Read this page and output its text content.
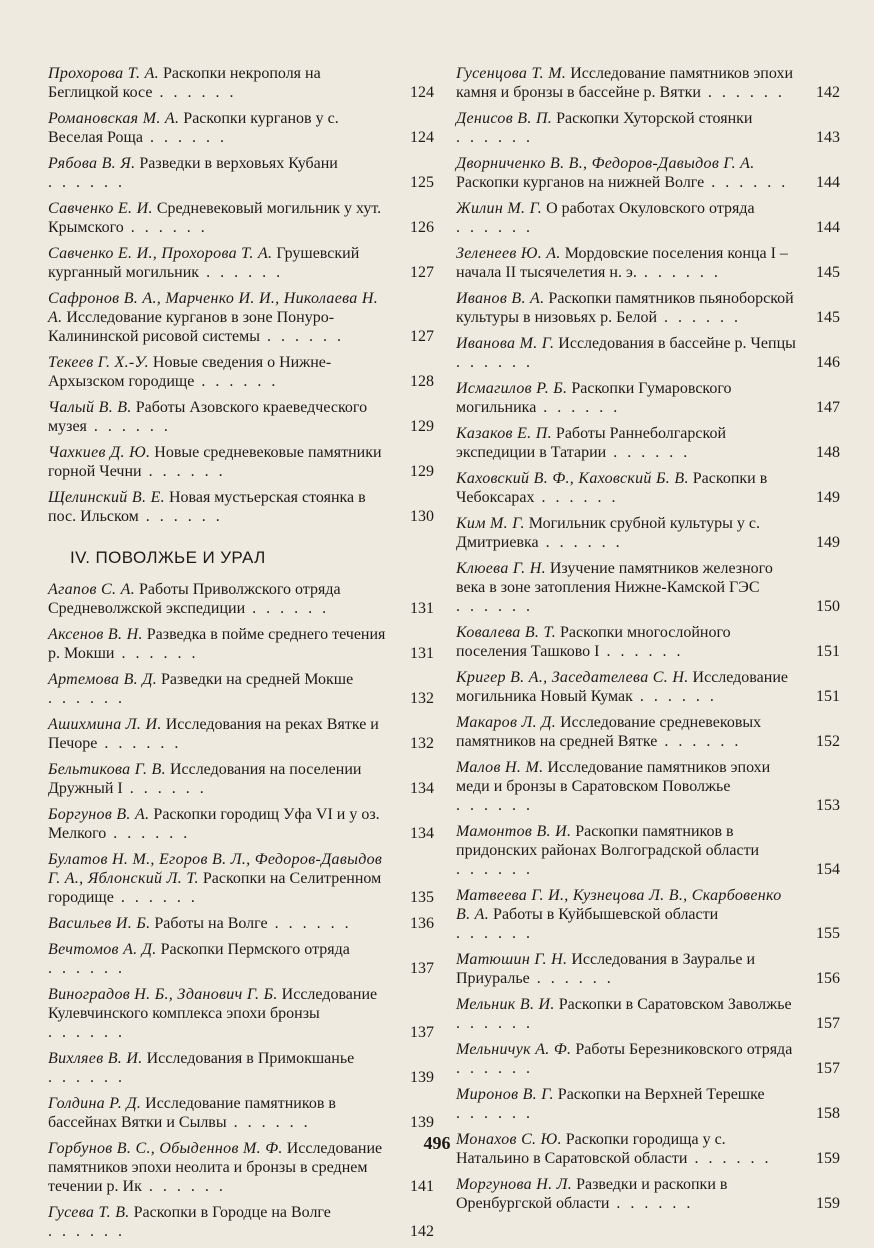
Прохорова Т. А. Раскопки некрополя на Беглицкой косе . . . . . .	124
Романовская М. А. Раскопки курганов у с. Веселая Роща . . . . . .	124
Рябова В. Я. Разведки в верховьях Кубани . . . . . .	125
Савченко Е. И. Средневековый могильник у хут. Крымского . . . . . .	126
Савченко Е. И., Прохорова Т. А. Грушевский курганный могильник . . . . . .	127
Сафронов В. А., Марченко И. И., Николаева Н. А. Исследование курганов в зоне Понуро-Калининской рисовой системы . . . . . .	127
Текеев Г. Х.-У. Новые сведения о Нижне-Архызском городище . . . . . .	128
Чалый В. В. Работы Азовского краеведческого музея . . . . . .	129
Чахкиев Д. Ю. Новые средневековые памятники горной Чечни . . . . . .	129
Щелинский В. Е. Новая мустьерская стоянка в пос. Ильском . . . . . .	130
IV. ПОВОЛЖЬЕ И УРАЛ
Агапов С. А. Работы Приволжского отряда Средневолжской экспедиции . . . . . .	131
Аксенов В. Н. Разведка в пойме среднего течения р. Мокши . . . . . .	131
Артемова В. Д. Разведки на средней Мокше . . . . . .	132
Ашихмина Л. И. Исследования на реках Вятке и Печоре . . . . . .	132
Бельтикова Г. В. Исследования на поселении Дружный I . . . . . .	134
Боргунов В. А. Раскопки городищ Уфа VI и у оз. Мелкого . . . . . .	134
Булатов Н. М., Егоров В. Л., Федоров-Давыдов Г. А., Яблонский Л. Т. Раскопки на Селитренном городище . . . . . .	135
Васильев И. Б. Работы на Волге . . . . . .	136
Вечтомов А. Д. Раскопки Пермского отряда . . . . . .	137
Виноградов Н. Б., Зданович Г. Б. Исследование Кулевчинского комплекса эпохи бронзы . . . . . .	137
Вихляев В. И. Исследования в Примокшанье . . . . . .	139
Голдина Р. Д. Исследование памятников в бассейнах Вятки и Сылвы . . . . . .	139
Горбунов В. С., Обыденнов М. Ф. Исследование памятников эпохи неолита и бронзы в среднем течении р. Ик . . . . . .	141
Гусева Т. В. Раскопки в Городце на Волге . . . . . .	142
Гусенцова Т. М. Исследование памятников эпохи камня и бронзы в бассейне р. Вятки . . . . . .	142
Денисов В. П. Раскопки Хуторской стоянки . . . . . .	143
Дворниченко В. В., Федоров-Давыдов Г. А. Раскопки курганов на нижней Волге . . . . . .	144
Жилин М. Г. О работах Окуловского отряда . . . . . .	144
Зеленеев Ю. А. Мордовские поселения конца I – начала II тысячелетия н. э. . . . . . .	145
Иванов В. А. Раскопки памятников пьяноборской культуры в низовьях р. Белой . . . . . .	145
Иванова М. Г. Исследования в бассейне р. Чепцы . . . . . .	146
Исмагилов Р. Б. Раскопки Гумаровского могильника . . . . . .	147
Казаков Е. П. Работы Раннеболгарской экспедиции в Татарии . . . . . .	148
Каховский В. Ф., Каховский Б. В. Раскопки в Чебоксарах . . . . . .	149
Ким М. Г. Могильник срубной культуры у с. Дмитриевка . . . . . .	149
Клюева Г. Н. Изучение памятников железного века в зоне затопления Нижне-Камской ГЭС . . . . . .	150
Ковалева В. Т. Раскопки многослойного поселения Ташково I . . . . . .	151
Кригер В. А., Заседателева С. Н. Исследование могильника Новый Кумак . . . . . .	151
Макаров Л. Д. Исследование средневековых памятников на средней Вятке . . . . . .	152
Малов Н. М. Исследование памятников эпохи меди и бронзы в Саратовском Поволжье . . . . . .	153
Мамонтов В. И. Раскопки памятников в придонских районах Волгоградской области . . . . . .	154
Матвеева Г. И., Кузнецова Л. В., Скарбовенко В. А. Работы в Куйбышевской области . . . . . .	155
Матюшин Г. Н. Исследования в Зауралье и Приуралье . . . . . .	156
Мельник В. И. Раскопки в Саратовском Заволжье . . . . . .	157
Мельничук А. Ф. Работы Березниковского отряда . . . . . .	157
Миронов В. Г. Раскопки на Верхней Терешке . . . . . .	158
Монахов С. Ю. Раскопки городища у с. Натальино в Саратовской области . . . . . .	159
Моргунова Н. Л. Разведки и раскопки в Оренбургской области . . . . . .	159
496
